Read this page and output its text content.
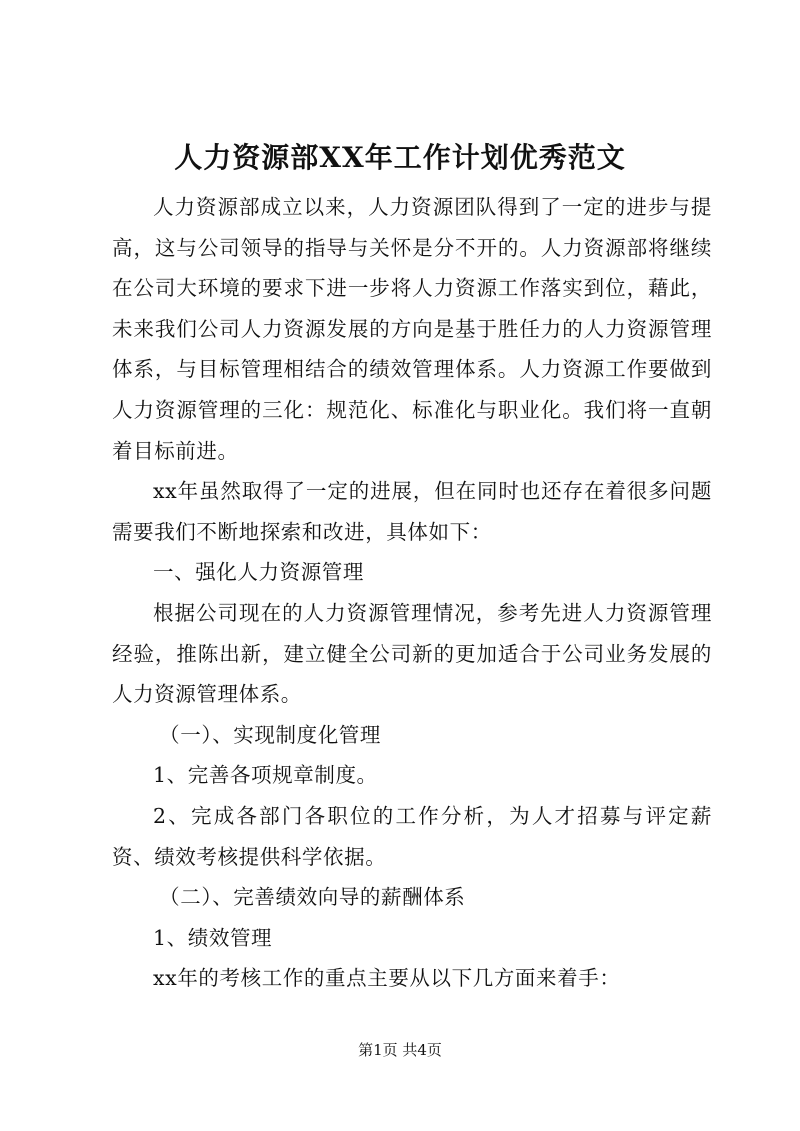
人力资源部XX年工作计划优秀范文

人力资源部成立以来，人力资源团队得到了一定的进步与提高，这与公司领导的指导与关怀是分不开的。人力资源部将继续在公司大环境的要求下进一步将人力资源工作落实到位，藉此，未来我们公司人力资源发展的方向是基于胜任力的人力资源管理体系，与目标管理相结合的绩效管理体系。人力资源工作要做到人力资源管理的三化：规范化、标准化与职业化。我们将一直朝着目标前进。

xx年虽然取得了一定的进展，但在同时也还存在着很多问题需要我们不断地探索和改进，具体如下：

一、强化人力资源管理

根据公司现在的人力资源管理情况，参考先进人力资源管理经验，推陈出新，建立健全公司新的更加适合于公司业务发展的人力资源管理体系。

（一）、实现制度化管理

1、完善各项规章制度。

2、完成各部门各职位的工作分析，为人才招募与评定薪资、绩效考核提供科学依据。

（二）、完善绩效向导的薪酬体系

1、绩效管理

xx年的考核工作的重点主要从以下几方面来着手：

第1页 共4页
